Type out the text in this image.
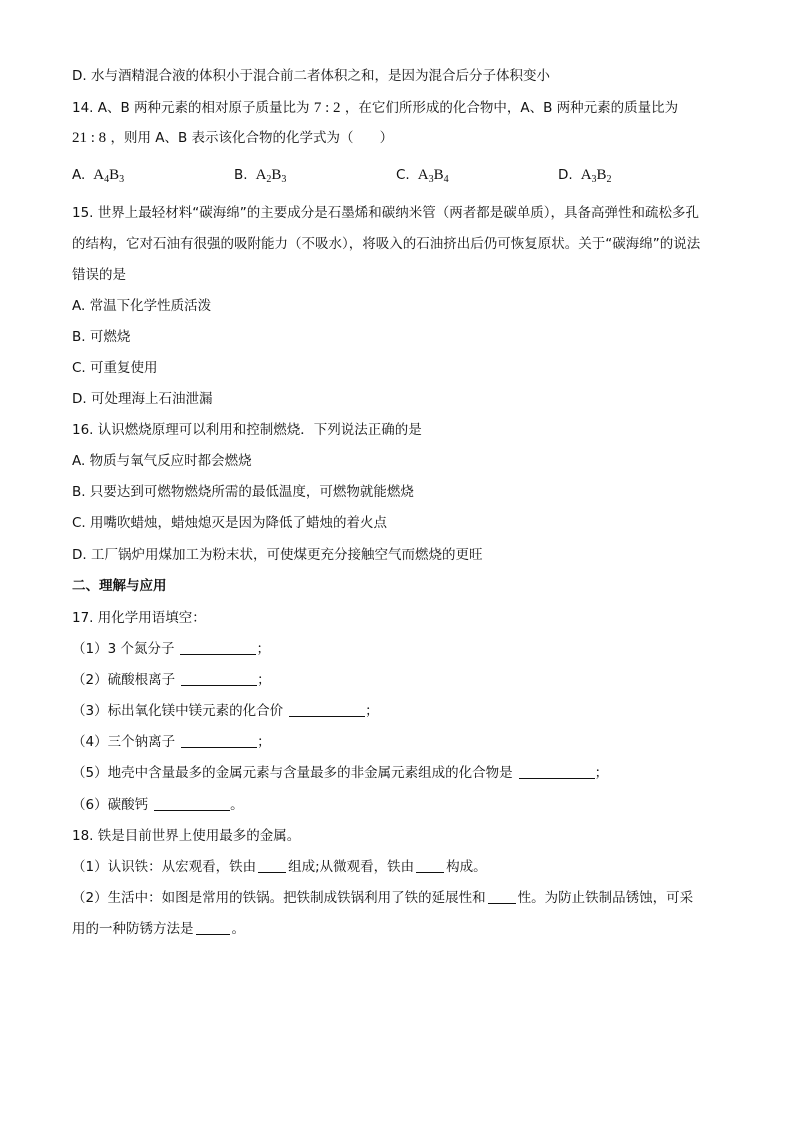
D. 水与酒精混合液的体积小于混合前二者体积之和，是因为混合后分子体积变小
14. A、B 两种元素的相对原子质量比为 7 : 2 ，在它们所形成的化合物中，A、B 两种元素的质量比为
21 : 8 ，则用 A、B 表示该化合物的化学式为（ ）
A. $A_4B_3$	B. $A_2B_3$	C. $A_3B_4$	D. $A_3B_2$
15. 世界上最轻材料“碳海绵”的主要成分是石墨烯和碳纳米管（两者都是碳单质），具备高弹性和疏松多孔
的结构，它对石油有很强的吸附能力（不吸水），将吸入的石油挤出后仍可恢复原状。关于“碳海绵”的说法
错误的是
A. 常温下化学性质活泼
B. 可燃烧
C. 可重复使用
D. 可处理海上石油泄漏
16. 认识燃烧原理可以利用和控制燃烧．下列说法正确的是
A. 物质与氧气反应时都会燃烧
B. 只要达到可燃物燃烧所需的最低温度，可燃物就能燃烧
C. 用嘴吹蜡烛，蜡烛熄灭是因为降低了蜡烛的着火点
D. 工厂锅炉用煤加工为粉末状，可使煤更充分接触空气而燃烧的更旺
二、理解与应用
17. 用化学用语填空：
（1）3 个氮分子	；
（2）硫酸根离子	；
（3）标出氧化镁中镁元素的化合价	；
（4）三个钠离子	；
（5）地壳中含量最多的金属元素与含量最多的非金属元素组成的化合物是	；
（6）碳酸钙	。
18. 铁是目前世界上使用最多的金属。
（1）认识铁：从宏观看，铁由 组成;从微观看，铁由 构成。
（2）生活中：如图是常用的铁锅。把铁制成铁锅利用了铁的延展性和 性。为防止铁制品锈蚀，可采
用的一种防锈方法是	。
